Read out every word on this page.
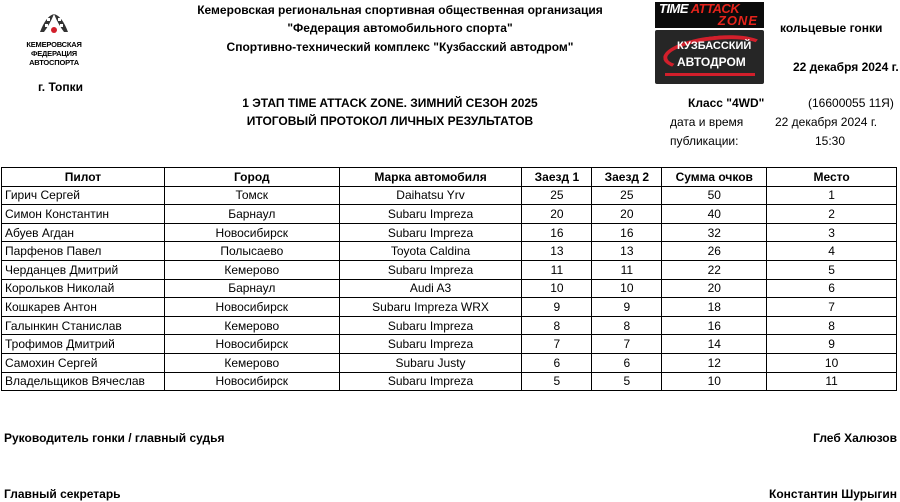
КЕМЕРОВСКАЯ
ФЕДЕРАЦИЯ АВТОСПОРТА
Кемеровская региональная спортивная общественная организация
"Федерация автомобильного спорта"
Спортивно-технический комплекс "Кузбасский автодром"
TIME ATTACK
ZONE
КУЗБАССКИЙ
АВТОДРОМ
кольцевые гонки
22 декабря 2024 г.
г. Топки
1 ЭТАП TIME ATTACK ZONE. ЗИМНИЙ СЕЗОН 2025
ИТОГОВЫЙ ПРОТОКОЛ ЛИЧНЫХ РЕЗУЛЬТАТОВ
Класс "4WD"	(16600055 11Я)
дата и время	22 декабря 2024 г.
публикации:	15:30
Пилот	Город	Марка автомобиля	Заезд 1	Заезд 2	Сумма очков	Место
Гирич Сергей	Томск	Daihatsu Yrv	25	25	50	1
Симон Константин	Барнаул	Subaru Impreza	20	20	40	2
Абуев Агдан	Новосибирск	Subaru Impreza	16	16	32	3
Парфенов Павел	Полысаево	Toyota Caldina	13	13	26	4
Черданцев Дмитрий	Кемерово	Subaru Impreza	11	11	22	5
Корольков Николай	Барнаул	Audi A3	10	10	20	6
Кошкарев Антон	Новосибирск	Subaru Impreza WRX	9	9	18	7
Галынкин Станислав	Кемерово	Subaru Impreza	8	8	16	8
Трофимов Дмитрий	Новосибирск	Subaru Impreza	7	7	14	9
Самохин Сергей	Кемерово	Subaru Justy	6	6	12	10
Владельщиков Вячеслав	Новосибирск	Subaru Impreza	5	5	10	11
Руководитель гонки / главный судья	Глеб Халюзов
Главный секретарь	Константин Шурыгин
